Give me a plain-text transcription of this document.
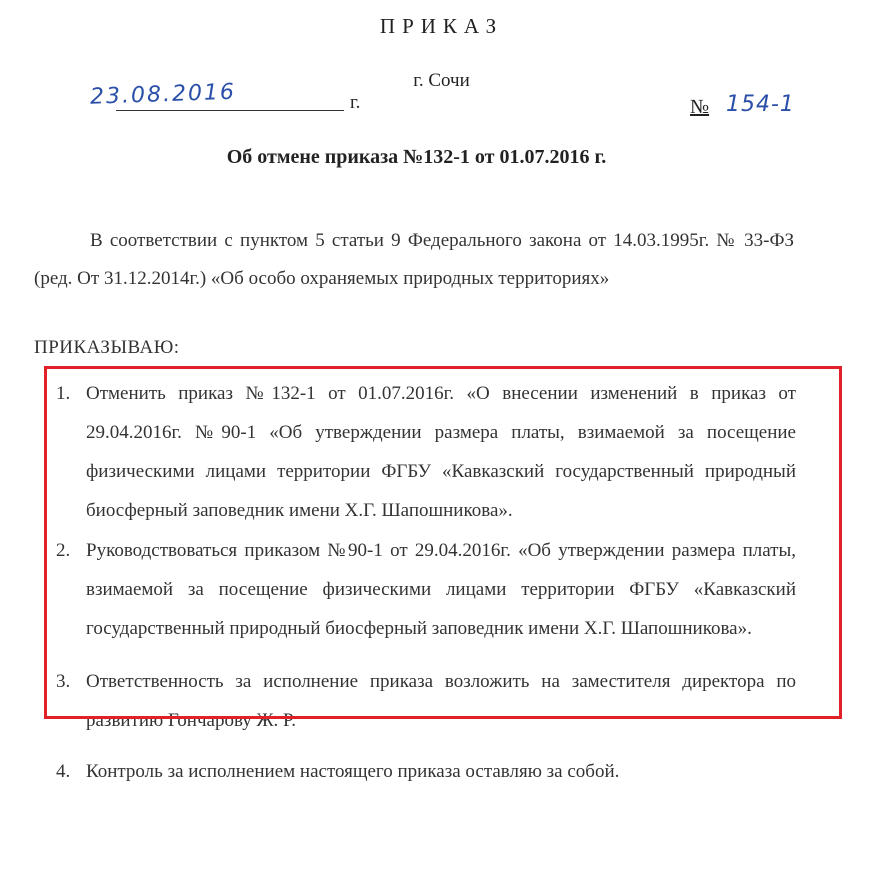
ПРИКАЗ
г. Сочи
23.08.2016	г.	№ 154-1
Об отмене приказа №132-1 от 01.07.2016 г.
В соответствии с пунктом 5 статьи 9 Федерального закона от 14.03.1995г. № 33-ФЗ (ред. От 31.12.2014г.) «Об особо охраняемых природных территориях»
ПРИКАЗЫВАЮ:
1. Отменить приказ №132-1 от 01.07.2016г. «О внесении изменений в приказ от 29.04.2016г. №90-1 «Об утверждении размера платы, взимаемой за посещение физическими лицами территории ФГБУ «Кавказский государственный природный биосферный заповедник имени Х.Г. Шапошникова».
2. Руководствоваться приказом №90-1 от 29.04.2016г. «Об утверждении размера платы, взимаемой за посещение физическими лицами территории ФГБУ «Кавказский государственный природный биосферный заповедник имени Х.Г. Шапошникова».
3. Ответственность за исполнение приказа возложить на заместителя директора по развитию Гончарову Ж. Р.
4. Контроль за исполнением настоящего приказа оставляю за собой.
